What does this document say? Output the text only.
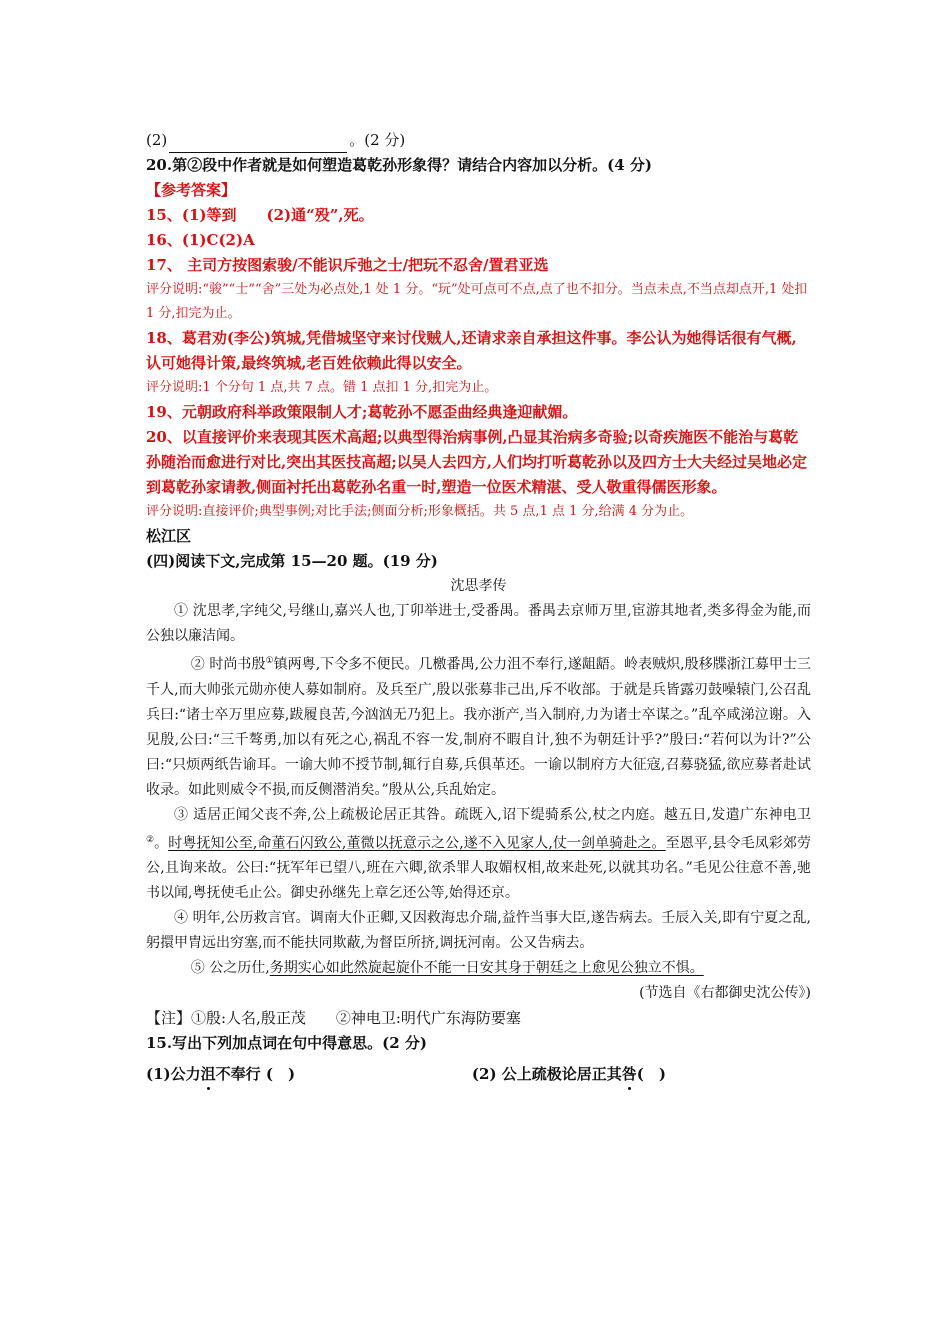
(2)	。(2 分)
20.第②段中作者就是如何塑造葛乾孙形象得？请结合内容加以分析。(4 分)
【参考答案】
15、(1)等到　　(2)通“殁”,死。
16、(1)C(2)A
17、 主司方按图索骏/不能识斥弛之士/把玩不忍舍/置君亚选
评分说明:“骏”“士”“舍”三处为必点处,1 处 1 分。“玩”处可点可不点,点了也不扣分。当点未点,不当点却点开,1 处扣 1 分,扣完为止。
18、葛君劝(李公)筑城,凭借城坚守来讨伐贼人,还请求亲自承担这件事。李公认为她得话很有气概,认可她得计策,最终筑城,老百姓依赖此得以安全。
评分说明:1 个分句 1 点,共 7 点。错 1 点扣 1 分,扣完为止。
19、元朝政府科举政策限制人才;葛乾孙不愿歪曲经典逢迎献媚。
20、以直接评价来表现其医术高超;以典型得治病事例,凸显其治病多奇验;以奇疾施医不能治与葛乾孙随治而愈进行对比,突出其医技高超;以吴人去四方,人们均打听葛乾孙以及四方士大夫经过吴地必定到葛乾孙家请教,侧面衬托出葛乾孙名重一时,塑造一位医术精湛、受人敬重得儒医形象。
评分说明:直接评价;典型事例;对比手法;侧面分析;形象概括。共 5 点,1 点 1 分,给满 4 分为止。
松江区
(四)阅读下文,完成第 15—20 题。(19 分)
沈思孝传
① 沈思孝,字纯父,号继山,嘉兴人也,丁卯举进士,受番禺。番禺去京师万里,宦游其地者,类多得金为能,而公独以廉洁闻。
② 时尚书殷①镇两粤,下令多不便民。几檄番禺,公力沮不奉行,遂龃龉。岭表贼炽,殷移牒浙江募甲士三千人,而大帅张元勋亦使人募如制府。及兵至广,殷以张募非己出,斥不收部。于就是兵皆露刃鼓噪辕门,公召乱兵曰:“诸士卒万里应募,跋履良苦,今汹汹无乃犯上。我亦浙产,当入制府,力为诸士卒谋之。”乱卒咸涕泣谢。入见殷,公曰:“三千骜勇,加以有死之心,祸乱不容一发,制府不暇自计,独不为朝廷计乎?”殷曰:“若何以为计?”公曰:“只烦两纸告谕耳。一谕大帅不授节制,辄行自募,兵俱革还。一谕以制府方大征寇,召募骁猛,欲应募者赴试收录。如此则威令不损,而反侧潜消矣。”殷从公,兵乱始定。
③ 适居正闻父丧不奔,公上疏极论居正其咎。疏既入,诏下缇骑系公,杖之内庭。越五日,发遣广东神电卫②。时粤抚知公至,命董石闪致公,董微以抚意示之公,遂不入见家人,仗一剑单骑赴之。至恩平,县令毛凤彩郊劳公,且询来故。公曰:“抚军年已望八,班在六卿,欲杀罪人取媚权相,故来赴死,以就其功名。”毛见公往意不善,驰书以闻,粤抚使毛止公。御史孙继先上章乞还公等,始得还京。
④ 明年,公历救言官。调南大仆正卿,又因救海忠介瑞,益忤当事大臣,遂告病去。壬辰入关,即有宁夏之乱,躬擐甲胄远出穷塞,而不能扶同欺蔽,为督臣所挤,调抚河南。公又告病去。
⑤ 公之历仕,务期实心如此然旋起旋仆不能一日安其身于朝廷之上愈见公独立不惧。
(节选自《右都御史沈公传》)
【注】①殷:人名,殷正茂　　②神电卫:明代广东海防要塞
15.写出下列加点词在句中得意思。(2 分)
(1)公力沮不奉行 (　)	(2) 公上疏极论居正其咎(　)
